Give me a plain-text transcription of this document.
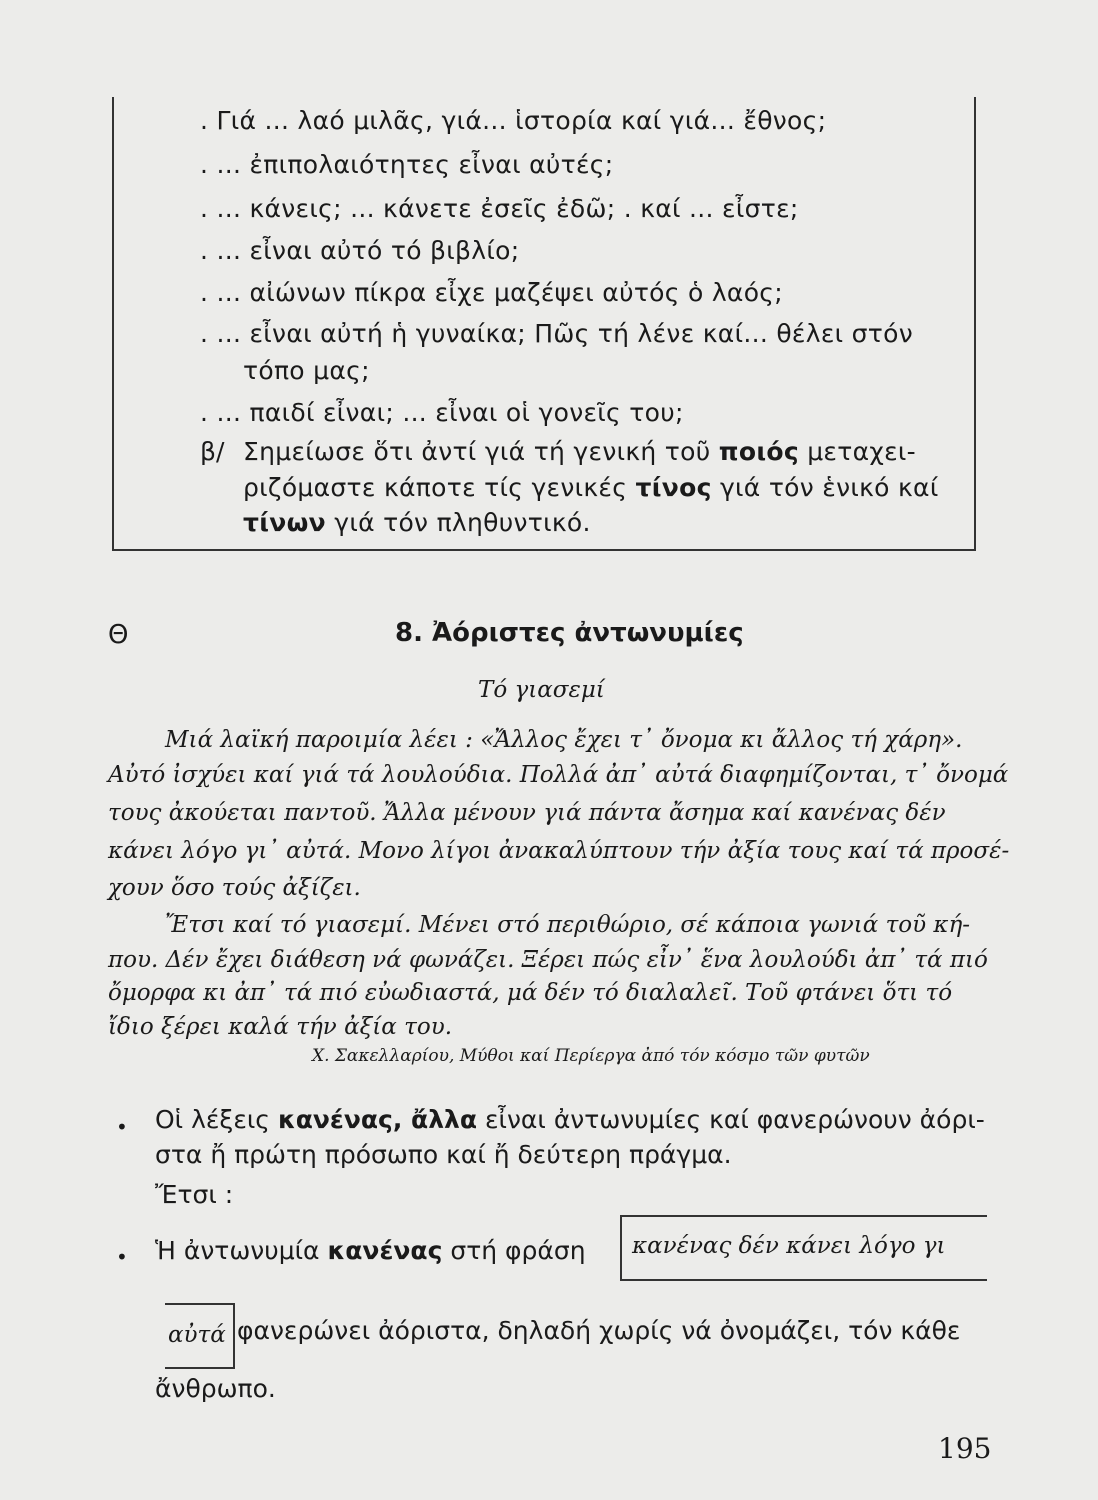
. Γιά ... λαό μιλᾶς, γιά... ἱστορία καί γιά... ἔθνος;
. ... ἐπιπολαιότητες εἶναι αὐτές;
. ... κάνεις; ... κάνετε ἐσεῖς ἐδῶ; . καί ... εἶστε;
. ... εἶναι αὐτό τό βιβλίο;
. ... αἰώνων πίκρα εἶχε μαζέψει αὐτός ὁ λαός;
. ... εἶναι αὐτή ἡ γυναίκα; Πῶς τή λένε καί... θέλει στόν
τόπο μας;
. ... παιδί εἶναι; ... εἶναι οἱ γονεῖς του;
β/ Σημείωσε ὅτι ἀντί γιά τή γενική τοῦ ποιός μεταχει-
ριζόμαστε κάποτε τίς γενικές τίνος γιά τόν ἑνικό καί
τίνων γιά τόν πληθυντικό.
Θ	8. Ἀόριστες ἀντωνυμίες
Τό γιασεμί
Μιά λαϊκή παροιμία λέει : «Ἄλλος ἔχει τ᾽ ὄνομα κι ἄλλος τή χάρη».
Αὐτό ἰσχύει καί γιά τά λουλούδια. Πολλά ἀπ᾽ αὐτά διαφημίζονται, τ᾽ ὄνομά
τους ἀκούεται παντοῦ. Ἄλλα μένουν γιά πάντα ἄσημα καί κανένας δέν
κάνει λόγο γι᾽ αὐτά. Μονο λίγοι ἀνακαλύπτουν τήν ἀξία τους καί τά προσέ-
χουν ὅσο τούς ἀξίζει.
Ἔτσι καί τό γιασεμί. Μένει στό περιθώριο, σέ κάποια γωνιά τοῦ κή-
που. Δέν ἔχει διάθεση νά φωνάζει. Ξέρει πώς εἶν᾽ ἕνα λουλούδι ἀπ᾽ τά πιό
ὄμορφα κι ἀπ᾽ τά πιό εὐωδιαστά, μά δέν τό διαλαλεῖ. Τοῦ φτάνει ὅτι τό
ἴδιο ξέρει καλά τήν ἀξία του.
Χ. Σακελλαρίου, Μύθοι καί Περίεργα ἀπό τόν κόσμο τῶν φυτῶν
• Οἱ λέξεις κανένας, ἄλλα εἶναι ἀντωνυμίες καί φανερώνουν ἀόρι-
στα ἤ πρώτη πρόσωπο καί ἤ δεύτερη πράγμα.
Ἔτσι :
• Ἡ ἀντωνυμία κανένας στή φράση κανένας δέν κάνει λόγο γι
αὐτά φανερώνει ἀόριστα, δηλαδή χωρίς νά ὀνομάζει, τόν κάθε
ἄνθρωπο.
195
